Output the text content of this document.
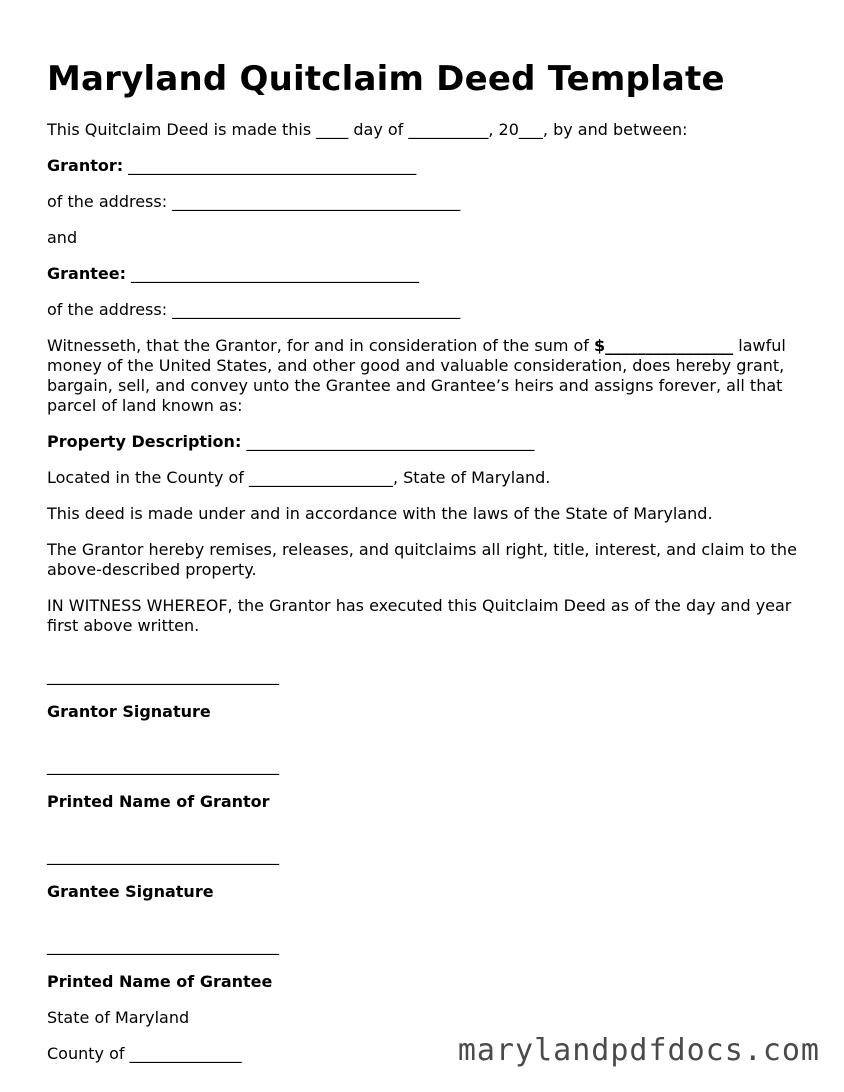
Maryland Quitclaim Deed Template

This Quitclaim Deed is made this ____ day of __________, 20___, by and between:

Grantor: ____________________________________

of the address: ____________________________________

and

Grantee: ____________________________________

of the address: ____________________________________

Witnesseth, that the Grantor, for and in consideration of the sum of $________________ lawful money of the United States, and other good and valuable consideration, does hereby grant, bargain, sell, and convey unto the Grantee and Grantee’s heirs and assigns forever, all that parcel of land known as:

Property Description: ____________________________________

Located in the County of __________________, State of Maryland.

This deed is made under and in accordance with the laws of the State of Maryland.

The Grantor hereby remises, releases, and quitclaims all right, title, interest, and claim to the above-described property.

IN WITNESS WHEREOF, the Grantor has executed this Quitclaim Deed as of the day and year first above written.

_____________________________
Grantor Signature
_____________________________
Printed Name of Grantor
_____________________________
Grantee Signature
_____________________________
Printed Name of Grantee

State of Maryland

County of ______________	marylandpdfdocs.com
